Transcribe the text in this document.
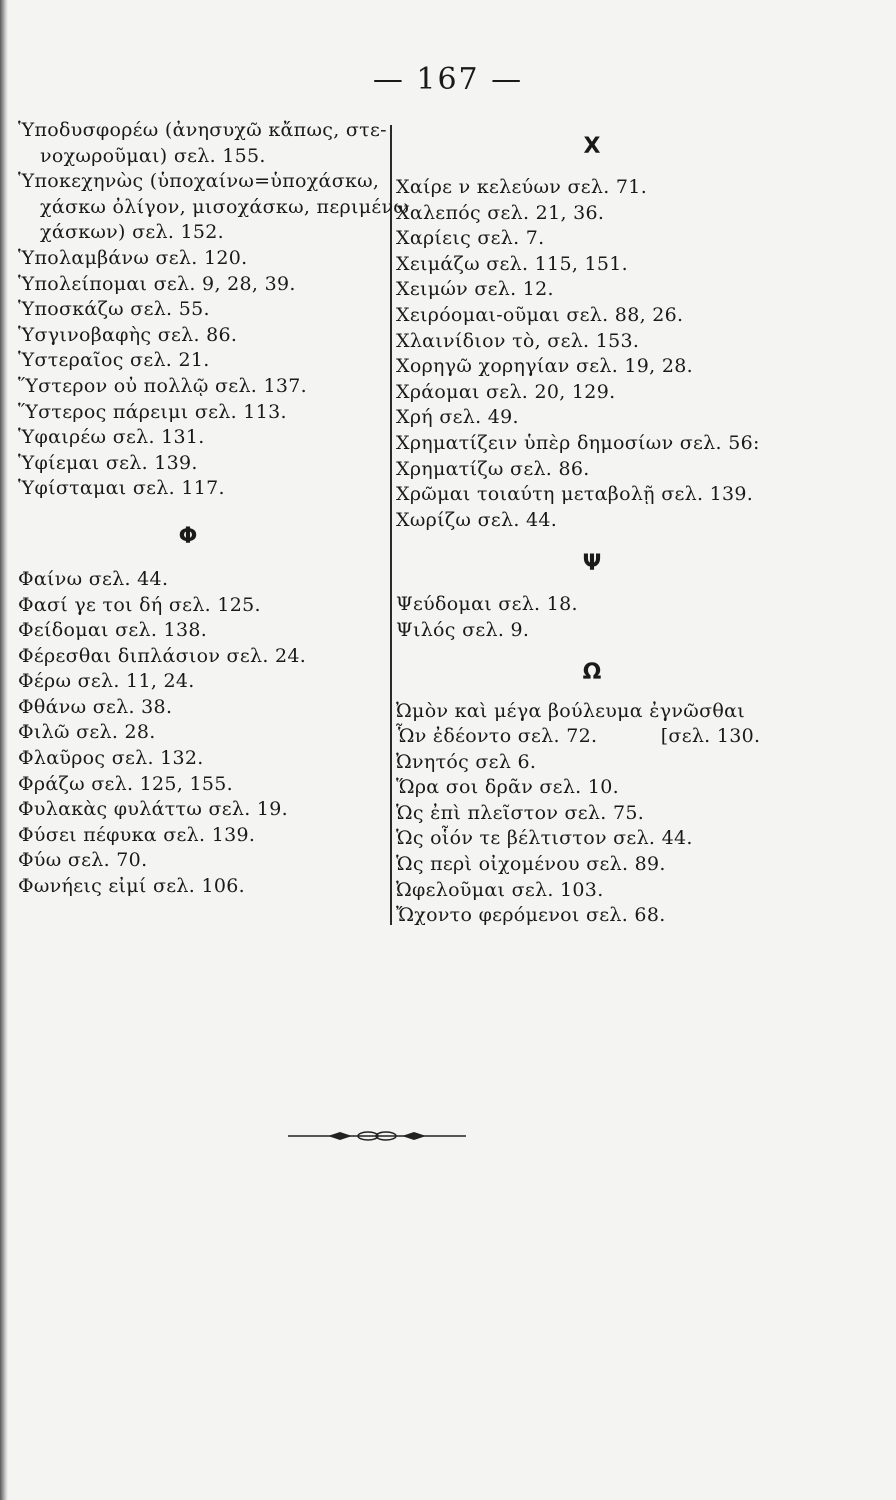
— 167 —
Ὑποδυσφορέω (ἀνησυχῶ κἄπως, στε-
νοχωροῦμαι) σελ. 155.
Ὑποκεχηνὼς (ὑποχαίνω=ὑποχάσκω,
χάσκω ὀλίγον, μισοχάσκω, περιμένω
χάσκων) σελ. 152.
Ὑπολαμβάνω σελ. 120.
Ὑπολείπομαι σελ. 9, 28, 39.
Ὑποσκάζω σελ. 55.
Ὑσγινοβαφὴς σελ. 86.
Ὑστεραῖος σελ. 21.
Ὕστερον οὐ πολλῷ σελ. 137.
Ὕστερος πάρειμι σελ. 113.
Ὑφαιρέω σελ. 131.
Ὑφίεμαι σελ. 139.
Ὑφίσταμαι σελ. 117.
Φ
Φαίνω σελ. 44.
Φασί γε τοι δή σελ. 125.
Φείδομαι σελ. 138.
Φέρεσθαι διπλάσιον σελ. 24.
Φέρω σελ. 11, 24.
Φθάνω σελ. 38.
Φιλῶ σελ. 28.
Φλαῦρος σελ. 132.
Φράζω σελ. 125, 155.
Φυλακὰς φυλάττω σελ. 19.
Φύσει πέφυκα σελ. 139.
Φύω σελ. 70.
Φωνήεις εἰμί σελ. 106.
Χ
Χαίρε ν κελεύων σελ. 71.
Χαλεπός σελ. 21, 36.
Χαρίεις σελ. 7.
Χειμάζω σελ. 115, 151.
Χειμών σελ. 12.
Χειρόομαι-οῦμαι σελ. 88, 26.
Χλαινίδιον τὸ, σελ. 153.
Χορηγῶ χορηγίαν σελ. 19, 28.
Χράομαι σελ. 20, 129.
Χρή σελ. 49.
Χρηματίζειν ὑπὲρ δημοσίων σελ. 56:
Χρηματίζω σελ. 86.
Χρῶμαι τοιαύτη μεταβολῇ σελ. 139.
Χωρίζω σελ. 44.
Ψ
Ψεύδομαι σελ. 18.
Ψιλός σελ. 9.
Ω
Ὠμὸν καὶ μέγα βούλευμα ἐγνῶσθαι
Ὧν ἐδέοντο σελ. 72.          [σελ. 130.
Ὠνητός σελ 6.
Ὥρα σοι δρᾶν σελ. 10.
Ὡς ἐπὶ πλεῖστον σελ. 75.
Ὡς οἷόν τε βέλτιστον σελ. 44.
Ὡς περὶ οἰχομένου σελ. 89.
Ὠφελοῦμαι σελ. 103.
Ὤχοντο φερόμενοι σελ. 68.
